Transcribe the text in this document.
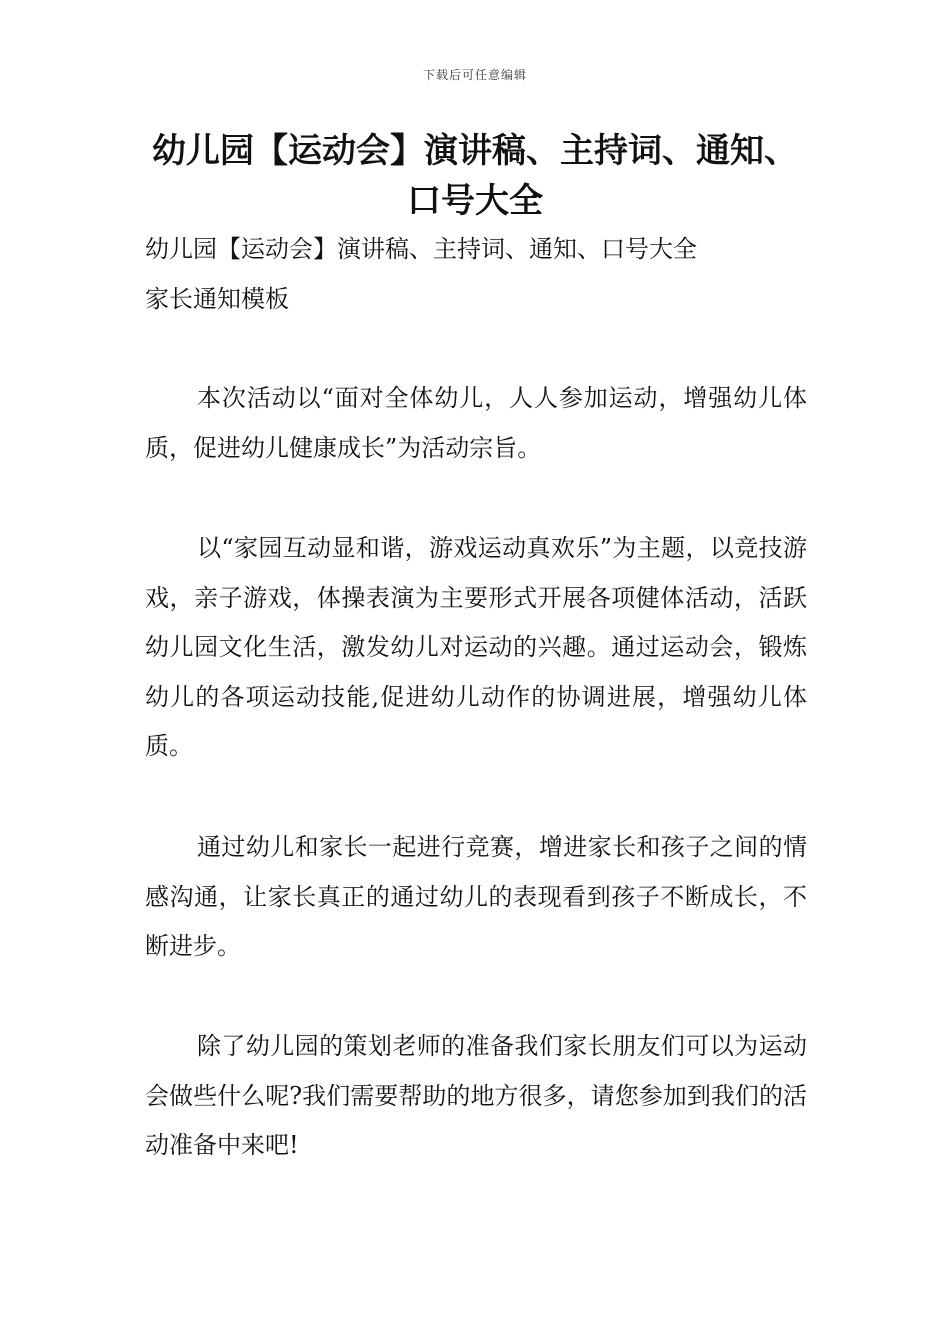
下载后可任意编辑
幼儿园【运动会】演讲稿、主持词、通知、口号大全

幼儿园【运动会】演讲稿、主持词、通知、口号大全

家长通知模板

本次活动以“面对全体幼儿，人人参加运动，增强幼儿体质，促进幼儿健康成长”为活动宗旨。

以“家园互动显和谐，游戏运动真欢乐”为主题，以竞技游戏，亲子游戏，体操表演为主要形式开展各项健体活动，活跃幼儿园文化生活，激发幼儿对运动的兴趣。通过运动会，锻炼幼儿的各项运动技能,促进幼儿动作的协调进展，增强幼儿体质。

通过幼儿和家长一起进行竞赛，增进家长和孩子之间的情感沟通，让家长真正的通过幼儿的表现看到孩子不断成长，不断进步。

除了幼儿园的策划老师的准备我们家长朋友们可以为运动会做些什么呢?我们需要帮助的地方很多，请您参加到我们的活动准备中来吧!
